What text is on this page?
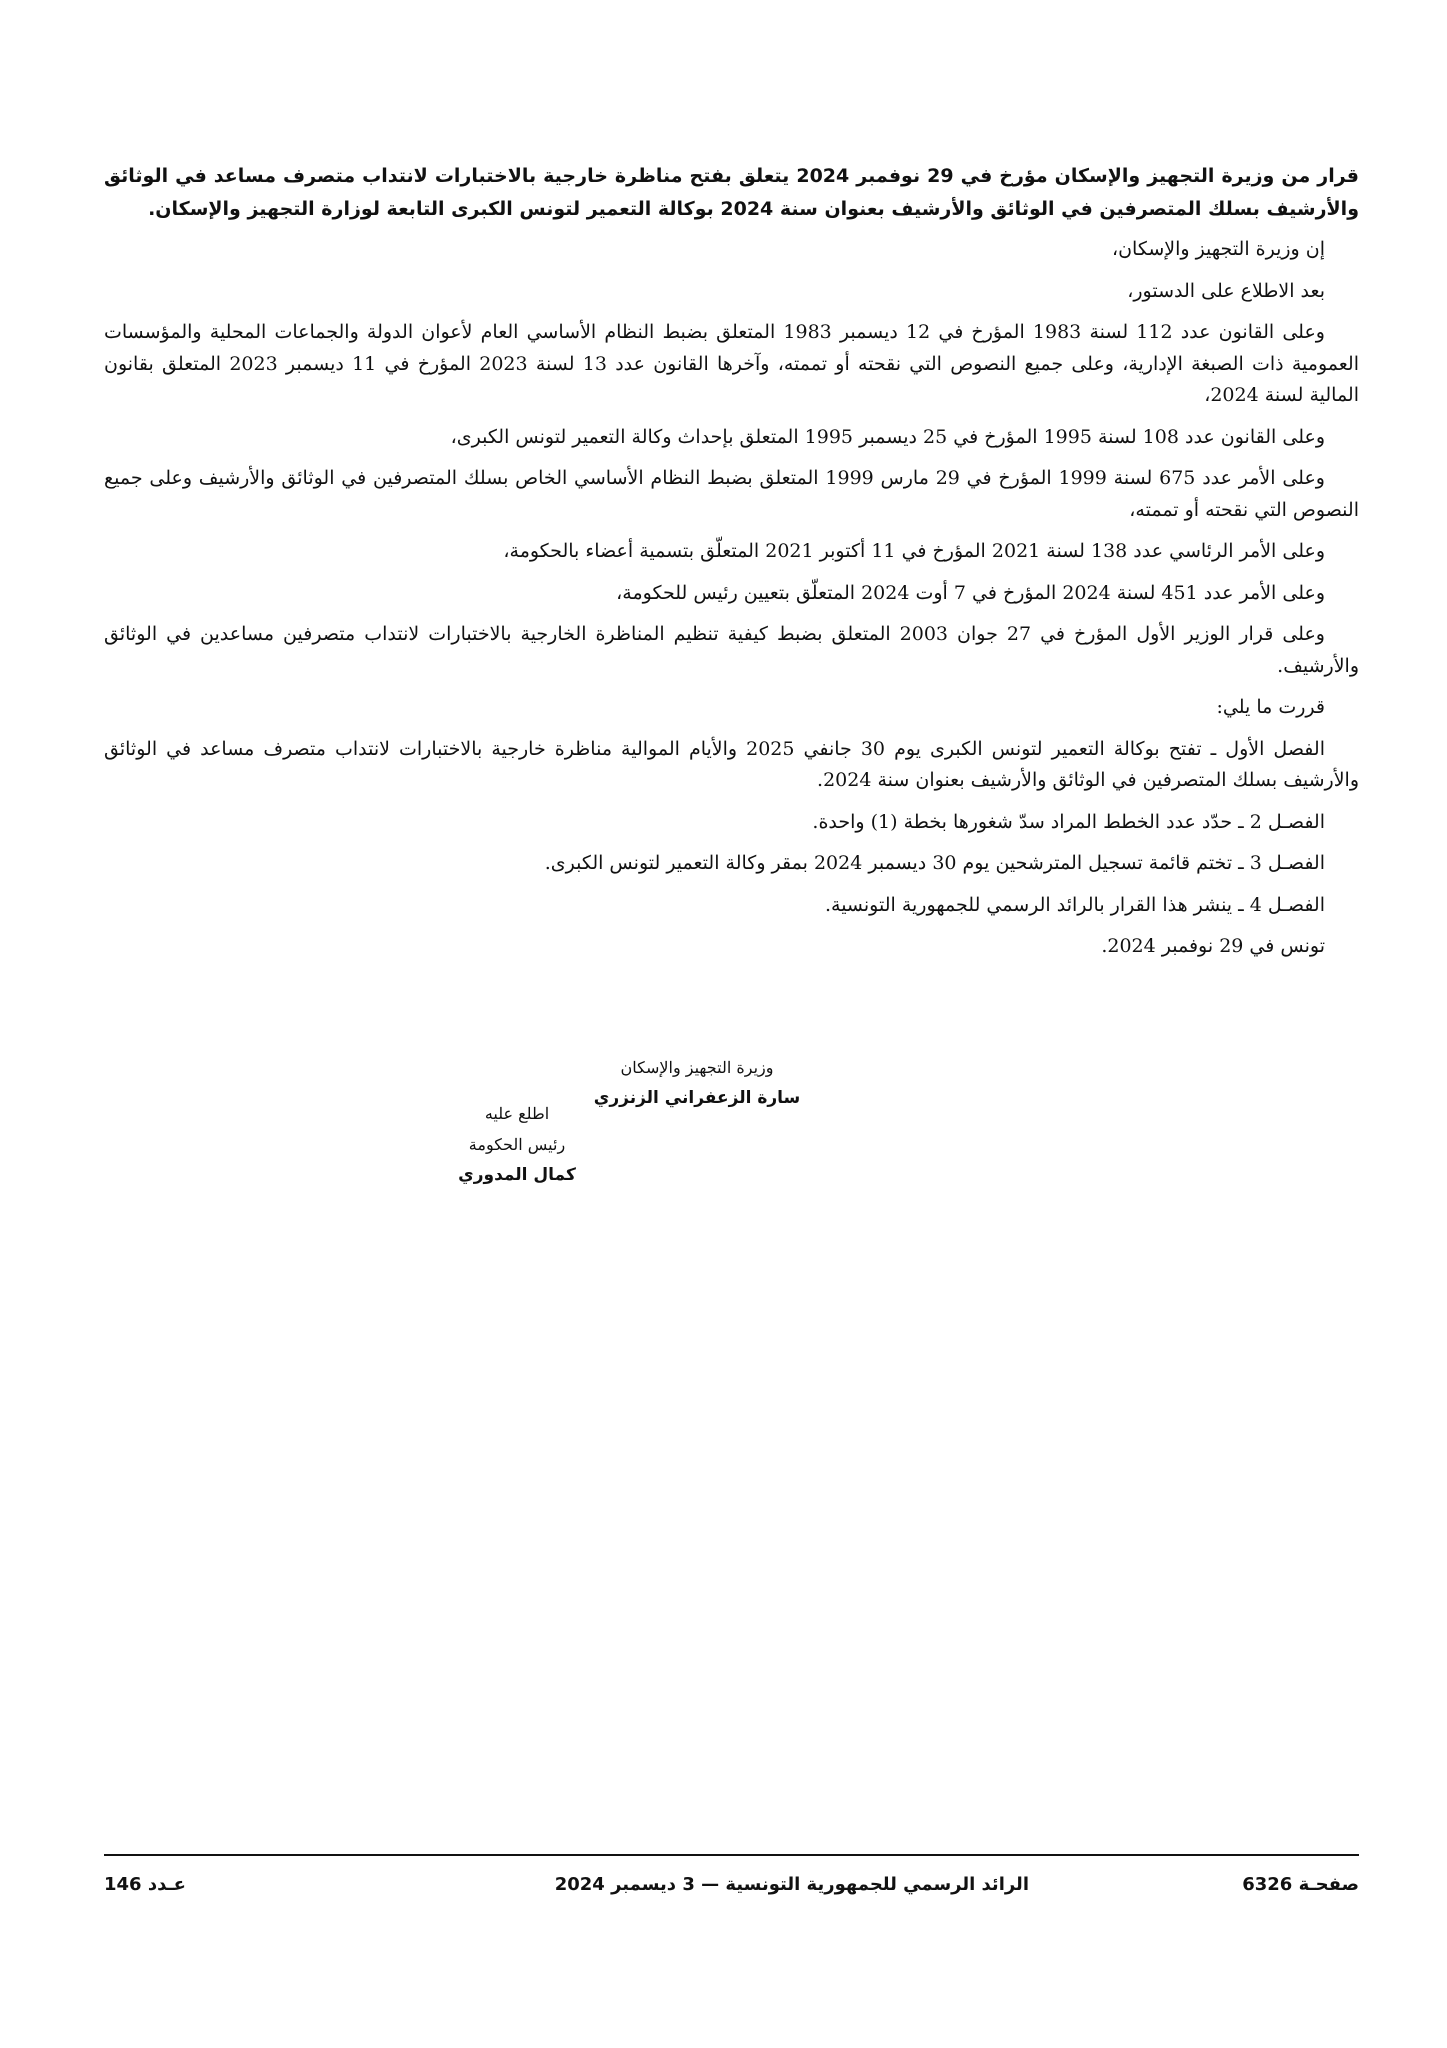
قرار من وزيرة التجهيز والإسكان مؤرخ في 29 نوفمبر 2024 يتعلق بفتح مناظرة خارجية بالاختبارات لانتداب متصرف مساعد في الوثائق والأرشيف بسلك المتصرفين في الوثائق والأرشيف بعنوان سنة 2024 بوكالة التعمير لتونس الكبرى التابعة لوزارة التجهيز والإسكان.

إن وزيرة التجهيز والإسكان،

بعد الاطلاع على الدستور،

وعلى القانون عدد 112 لسنة 1983 المؤرخ في 12 ديسمبر 1983 المتعلق بضبط النظام الأساسي العام لأعوان الدولة والجماعات المحلية والمؤسسات العمومية ذات الصبغة الإدارية، وعلى جميع النصوص التي نقحته أو تممته، وآخرها القانون عدد 13 لسنة 2023 المؤرخ في 11 ديسمبر 2023 المتعلق بقانون المالية لسنة 2024،

وعلى القانون عدد 108 لسنة 1995 المؤرخ في 25 ديسمبر 1995 المتعلق بإحداث وكالة التعمير لتونس الكبرى،

وعلى الأمر عدد 675 لسنة 1999 المؤرخ في 29 مارس 1999 المتعلق بضبط النظام الأساسي الخاص بسلك المتصرفين في الوثائق والأرشيف وعلى جميع النصوص التي نقحته أو تممته،

وعلى الأمر الرئاسي عدد 138 لسنة 2021 المؤرخ في 11 أكتوبر 2021 المتعلّق بتسمية أعضاء بالحكومة،

وعلى الأمر عدد 451 لسنة 2024 المؤرخ في 7 أوت 2024 المتعلّق بتعيين رئيس للحكومة،

وعلى قرار الوزير الأول المؤرخ في 27 جوان 2003 المتعلق بضبط كيفية تنظيم المناظرة الخارجية بالاختبارات لانتداب متصرفين مساعدين في الوثائق والأرشيف.

قررت ما يلي:

الفصل الأول ـ تفتح بوكالة التعمير لتونس الكبرى يوم 30 جانفي 2025 والأيام الموالية مناظرة خارجية بالاختبارات لانتداب متصرف مساعد في الوثائق والأرشيف بسلك المتصرفين في الوثائق والأرشيف بعنوان سنة 2024.

الفصـل 2 ـ حدّد عدد الخطط المراد سدّ شغورها بخطة (1) واحدة.

الفصـل 3 ـ تختم قائمة تسجيل المترشحين يوم 30 ديسمبر 2024 بمقر وكالة التعمير لتونس الكبرى.

الفصـل 4 ـ ينشر هذا القرار بالرائد الرسمي للجمهورية التونسية.

تونس في 29 نوفمبر 2024.

وزيرة التجهيز والإسكان
سارة الزعفراني الزنزري
اطلع عليه
رئيس الحكومة
كمال المدوري
صفحـة 6326
الرائد الرسمي للجمهورية التونسية — 3 ديسمبر 2024
عـدد 146
